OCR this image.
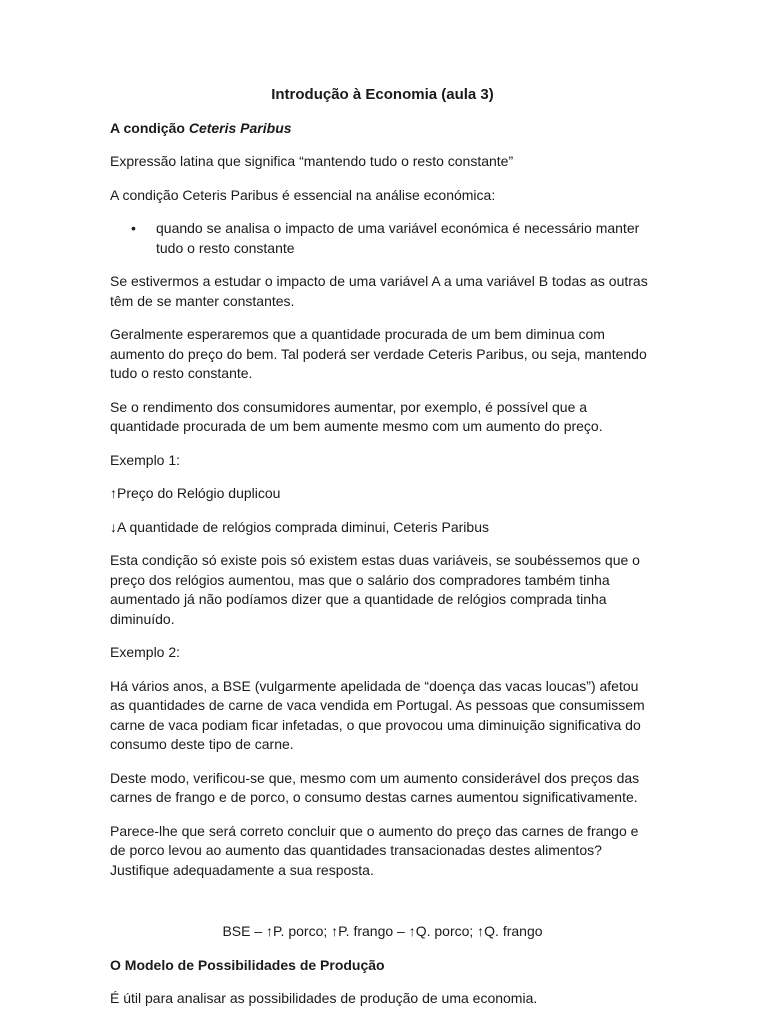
Introdução à Economia (aula 3)
A condição Ceteris Paribus

Expressão latina que significa “mantendo tudo o resto constante”

A condição Ceteris Paribus é essencial na análise económica:

• quando se analisa o impacto de uma variável económica é necessário manter tudo o resto constante

Se estivermos a estudar o impacto de uma variável A a uma variável B todas as outras têm de se manter constantes.

Geralmente esperaremos que a quantidade procurada de um bem diminua com aumento do preço do bem. Tal poderá ser verdade Ceteris Paribus, ou seja, mantendo tudo o resto constante.

Se o rendimento dos consumidores aumentar, por exemplo, é possível que a quantidade procurada de um bem aumente mesmo com um aumento do preço.

Exemplo 1:

↑Preço do Relógio duplicou

↓A quantidade de relógios comprada diminui, Ceteris Paribus

Esta condição só existe pois só existem estas duas variáveis, se soubéssemos que o preço dos relógios aumentou, mas que o salário dos compradores também tinha aumentado já não podíamos dizer que a quantidade de relógios comprada tinha diminuído.

Exemplo 2:

Há vários anos, a BSE (vulgarmente apelidada de “doença das vacas loucas”) afetou as quantidades de carne de vaca vendida em Portugal. As pessoas que consumissem carne de vaca podiam ficar infetadas, o que provocou uma diminuição significativa do consumo deste tipo de carne.

Deste modo, verificou-se que, mesmo com um aumento considerável dos preços das carnes de frango e de porco, o consumo destas carnes aumentou significativamente.

Parece-lhe que será correto concluir que o aumento do preço das carnes de frango e de porco levou ao aumento das quantidades transacionadas destes alimentos? Justifique adequadamente a sua resposta.

BSE – ↑P. porco; ↑P. frango – ↑Q. porco; ↑Q. frango

O Modelo de Possibilidades de Produção

É útil para analisar as possibilidades de produção de uma economia.
